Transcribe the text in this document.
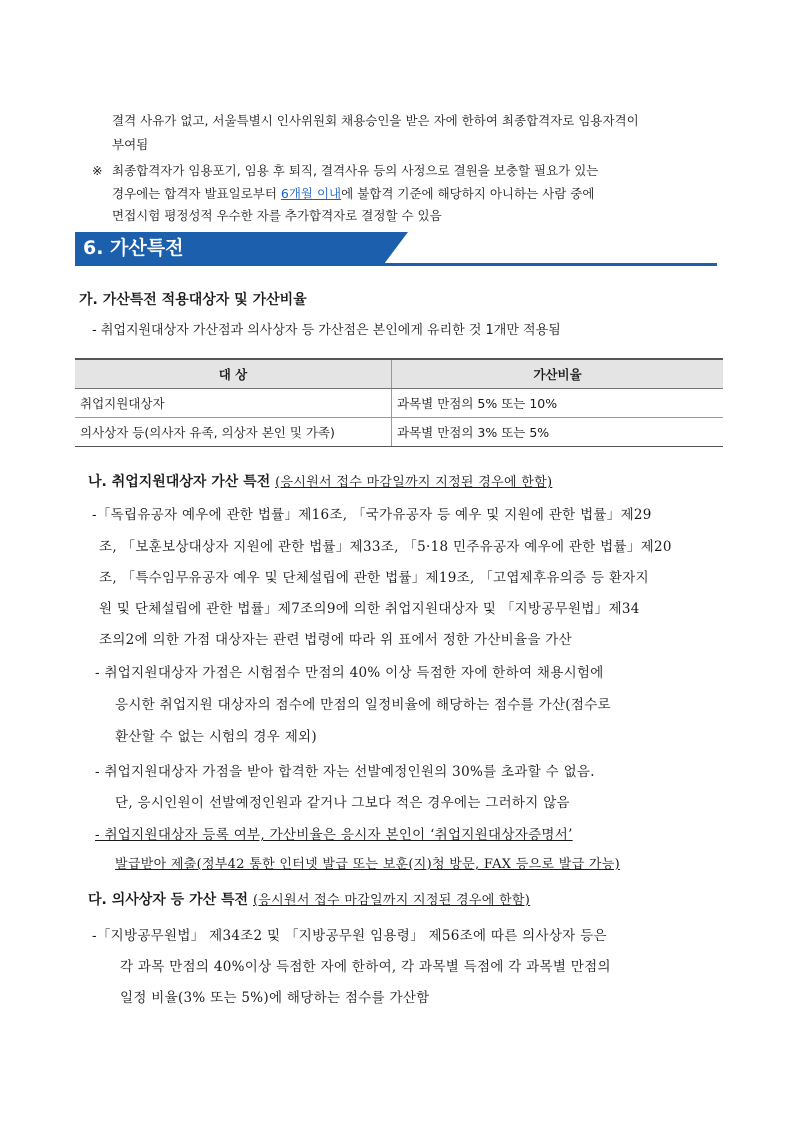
결격 사유가 없고, 서울특별시 인사위원회 채용승인을 받은 자에 한하여 최종합격자로 임용자격이
부여됨
※ 최종합격자가 임용포기, 임용 후 퇴직, 결격사유 등의 사정으로 결원을 보충할 필요가 있는
경우에는 합격자 발표일로부터 6개월 이내에 불합격 기준에 해당하지 아니하는 사람 중에
면접시험 평정성적 우수한 자를 추가합격자로 결정할 수 있음
6. 가산특전
가. 가산특전 적용대상자 및 가산비율
- 취업지원대상자 가산점과 의사상자 등 가산점은 본인에게 유리한 것 1개만 적용됨
대 상	가산비율
취업지원대상자	과목별 만점의 5% 또는 10%
의사상자 등(의사자 유족, 의상자 본인 및 가족)	과목별 만점의 3% 또는 5%
나. 취업지원대상자 가산 특전 (응시원서 접수 마감일까지 지정된 경우에 한함)
-「독립유공자 예우에 관한 법률」제16조, 「국가유공자 등 예우 및 지원에 관한 법률」제29
조, 「보훈보상대상자 지원에 관한 법률」제33조, 「5·18 민주유공자 예우에 관한 법률」제20
조, 「특수임무유공자 예우 및 단체설립에 관한 법률」제19조, 「고엽제후유의증 등 환자지
원 및 단체설립에 관한 법률」제7조의9에 의한 취업지원대상자 및 「지방공무원법」제34
조의2에 의한 가점 대상자는 관련 법령에 따라 위 표에서 정한 가산비율을 가산
- 취업지원대상자 가점은 시험점수 만점의 40% 이상 득점한 자에 한하여 채용시험에
응시한 취업지원 대상자의 점수에 만점의 일정비율에 해당하는 점수를 가산(점수로
환산할 수 없는 시험의 경우 제외)
- 취업지원대상자 가점을 받아 합격한 자는 선발예정인원의 30%를 초과할 수 없음.
단, 응시인원이 선발예정인원과 같거나 그보다 적은 경우에는 그러하지 않음
- 취업지원대상자 등록 여부, 가산비율은 응시자 본인이 ‘취업지원대상자증명서’
발급받아 제출(정부42 통한 인터넷 발급 또는 보훈(지)청 방문, FAX 등으로 발급 가능)
다. 의사상자 등 가산 특전 (응시원서 접수 마감일까지 지정된 경우에 한함)
-「지방공무원법」 제34조2 및 「지방공무원 임용령」 제56조에 따른 의사상자 등은
각 과목 만점의 40%이상 득점한 자에 한하여, 각 과목별 득점에 각 과목별 만점의
일정 비율(3% 또는 5%)에 해당하는 점수를 가산함
